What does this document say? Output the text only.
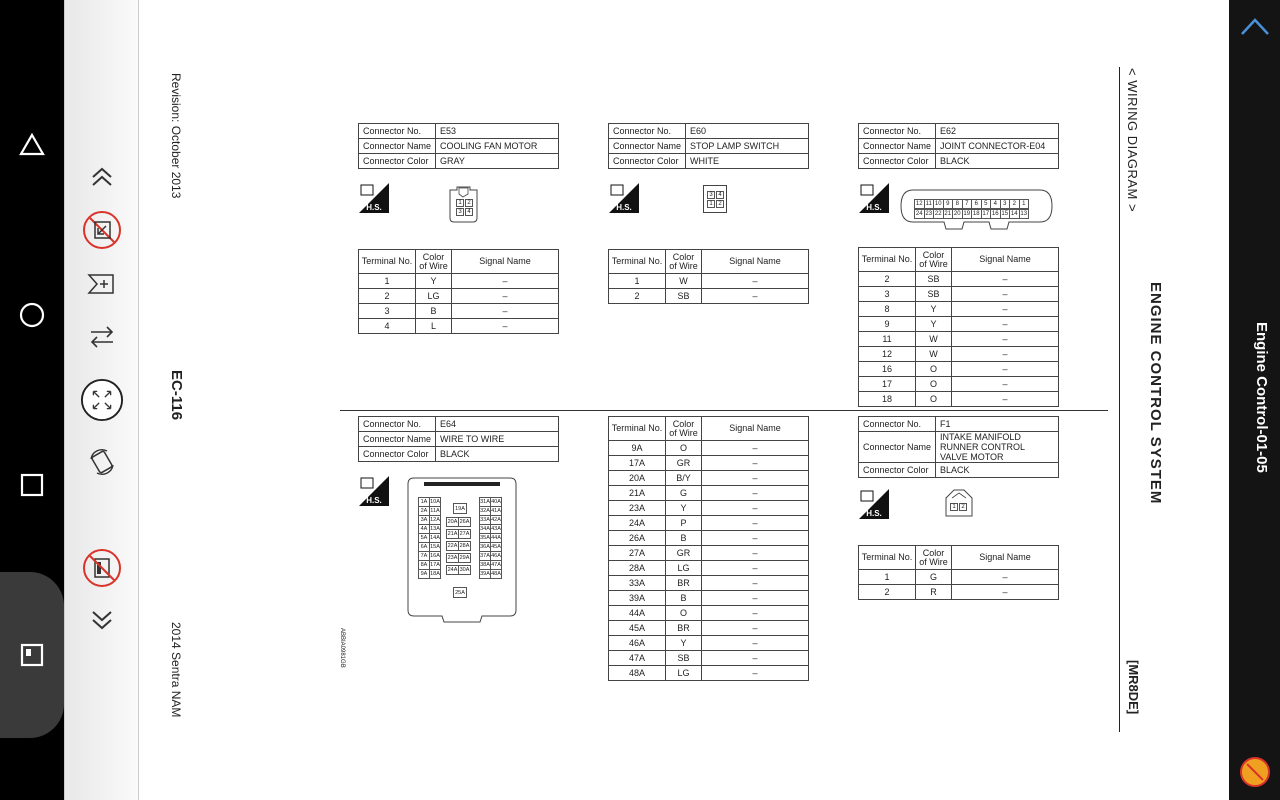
< WIRING DIAGRAM >
ENGINE CONTROL SYSTEM
[MR8DE]
Revision: October 2013
EC-116
2014 Sentra NAM	ABBIA0981GB
Connector No.	E53
Connector Name	COOLING FAN MOTOR
Connector Color	GRAY
H.S.	1 2
3 4
Terminal No.	Color of Wire	Signal Name
1	Y	–
2	LG	–
3	B	–
4	L	–
Connector No.	E60
Connector Name	STOP LAMP SWITCH
Connector Color	WHITE
H.S.
3 4
1 2
Terminal No.	Color of Wire	Signal Name
1	W	–
2	SB	–
Connector No.	E62
Connector Name	JOINT CONNECTOR-E04
Connector Color	BLACK
H.S.	12 11 10 9	8	7	6	5	4	3	2	1
24 23 22 21 20 19 18 17 16 15 14 13
Terminal No.	Color of Wire	Signal Name
2	SB	–
3	SB	–
8	Y	–
9	Y	–
11	W	–
12	W	–
16	O	–
17	O	–
18	O	–
Connector No.	E64
Connector Name	WIRE TO WIRE
Connector Color	BLACK
H.S.	1A 10A
2A 11A
3A 12A
4A 13A
5A 14A
6A 15A
7A 16A
8A 17A
9A 18A
19A
20A 26A
21A 27A
22A 28A
23A 29A
24A 30A
25A
31A 40A
32A 41A
33A 42A
34A 43A
35A 44A
36A 45A
37A 46A
38A 47A
39A 48A
Terminal No.	Color of Wire	Signal Name
9A	O	–
17A	GR	–
20A	B/Y	–
21A	G	–
23A	Y	–
24A	P	–
26A	B	–
27A	GR	–
28A	LG	–
33A	BR	–
39A	B	–
44A	O	–
45A	BR	–
46A	Y	–
47A	SB	–
48A	LG	–
Connector No.	F1
Connector Name	INTAKE MANIFOLD RUNNER CONTROL VALVE MOTOR
Connector Color	BLACK
H.S.
1 2
Terminal No.	Color of Wire	Signal Name
1	G	–
2	R	–
Engine Control-01-05
